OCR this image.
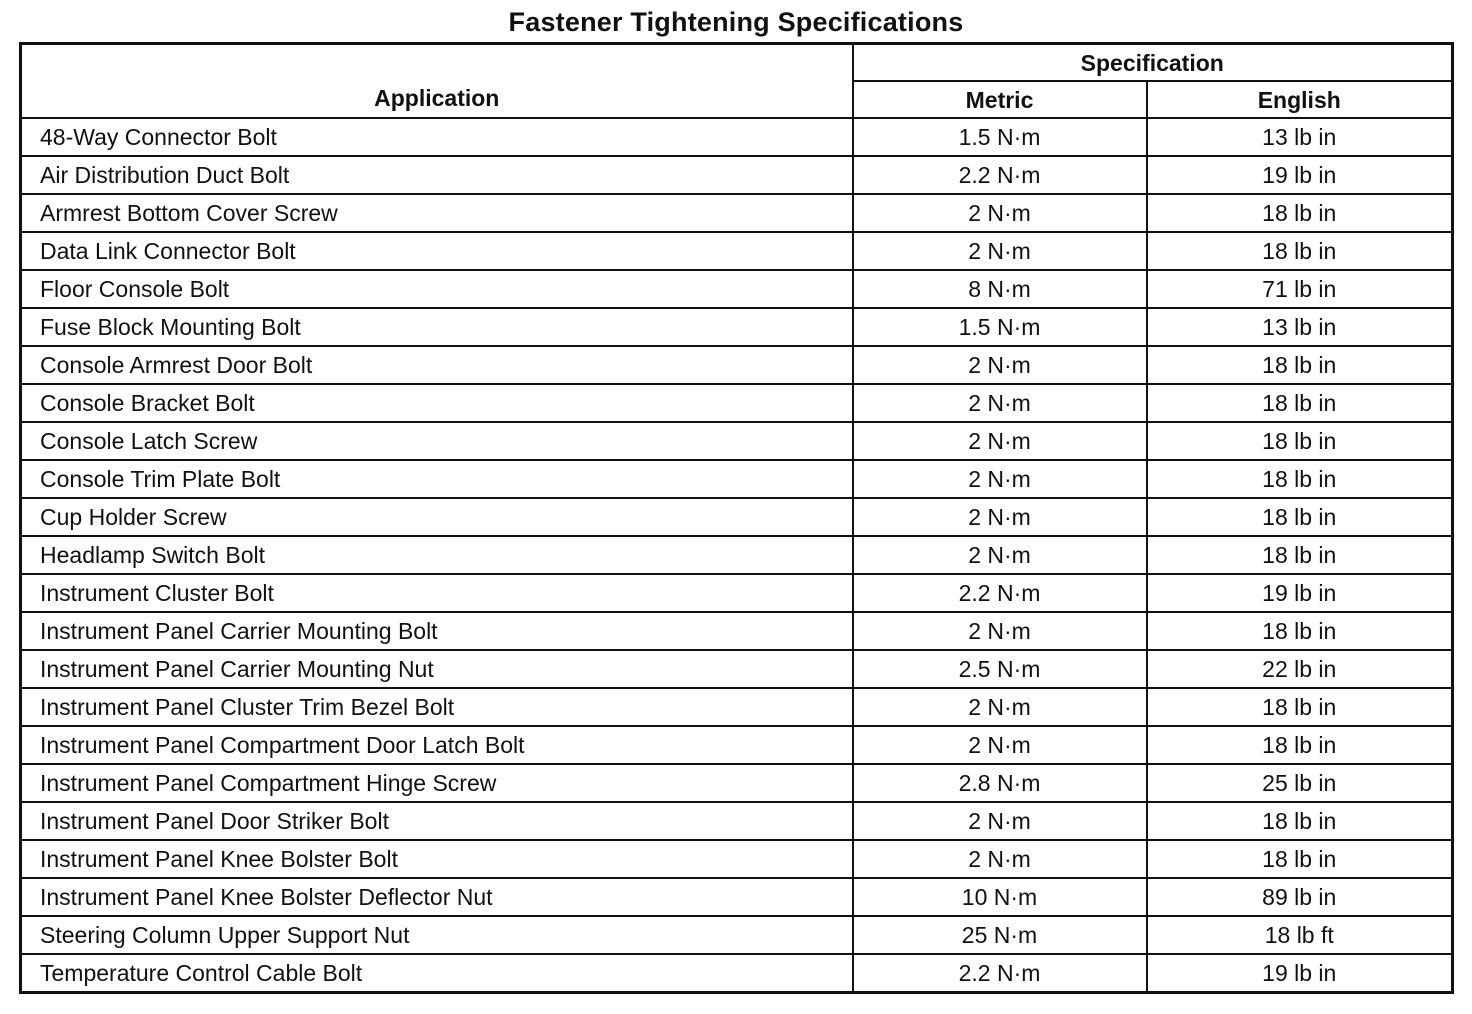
Fastener Tightening Specifications
Application	Specification	
	Metric	English
48-Way Connector Bolt	1.5 N·m	13 lb in
Air Distribution Duct Bolt	2.2 N·m	19 lb in
Armrest Bottom Cover Screw	2 N·m	18 lb in
Data Link Connector Bolt	2 N·m	18 lb in
Floor Console Bolt	8 N·m	71 lb in
Fuse Block Mounting Bolt	1.5 N·m	13 lb in
Console Armrest Door Bolt	2 N·m	18 lb in
Console Bracket Bolt	2 N·m	18 lb in
Console Latch Screw	2 N·m	18 lb in
Console Trim Plate Bolt	2 N·m	18 lb in
Cup Holder Screw	2 N·m	18 lb in
Headlamp Switch Bolt	2 N·m	18 lb in
Instrument Cluster Bolt	2.2 N·m	19 lb in
Instrument Panel Carrier Mounting Bolt	2 N·m	18 lb in
Instrument Panel Carrier Mounting Nut	2.5 N·m	22 lb in
Instrument Panel Cluster Trim Bezel Bolt	2 N·m	18 lb in
Instrument Panel Compartment Door Latch Bolt	2 N·m	18 lb in
Instrument Panel Compartment Hinge Screw	2.8 N·m	25 lb in
Instrument Panel Door Striker Bolt	2 N·m	18 lb in
Instrument Panel Knee Bolster Bolt	2 N·m	18 lb in
Instrument Panel Knee Bolster Deflector Nut	10 N·m	89 lb in
Steering Column Upper Support Nut	25 N·m	18 lb ft
Temperature Control Cable Bolt	2.2 N·m	19 lb in
